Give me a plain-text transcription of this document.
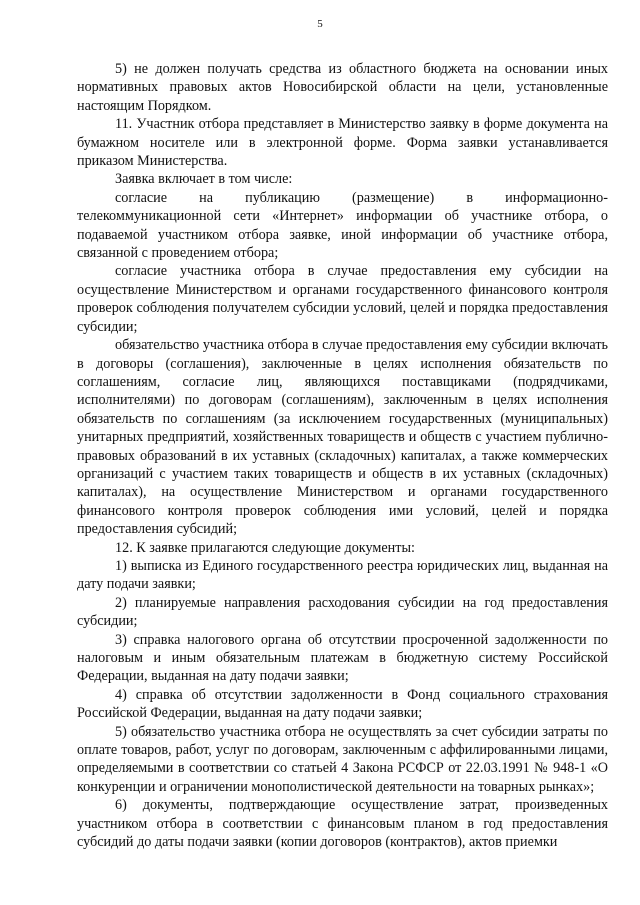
5

5) не должен получать средства из областного бюджета на основании иных нормативных правовых актов Новосибирской области на цели, установленные настоящим Порядком.

11. Участник отбора представляет в Министерство заявку в форме документа на бумажном носителе или в электронной форме. Форма заявки устанавливается приказом Министерства.

Заявка включает в том числе:

согласие на публикацию (размещение) в информационно-телекоммуникационной сети «Интернет» информации об участнике отбора, о подаваемой участником отбора заявке, иной информации об участнике отбора, связанной с проведением отбора;

согласие участника отбора в случае предоставления ему субсидии на осуществление Министерством и органами государственного финансового контроля проверок соблюдения получателем субсидии условий, целей и порядка предоставления субсидии;

обязательство участника отбора в случае предоставления ему субсидии включать в договоры (соглашения), заключенные в целях исполнения обязательств по соглашениям, согласие лиц, являющихся поставщиками (подрядчиками, исполнителями) по договорам (соглашениям), заключенным в целях исполнения обязательств по соглашениям (за исключением государственных (муниципальных) унитарных предприятий, хозяйственных товариществ и обществ с участием публично-правовых образований в их уставных (складочных) капиталах, а также коммерческих организаций с участием таких товариществ и обществ в их уставных (складочных) капиталах), на осуществление Министерством и органами государственного финансового контроля проверок соблюдения ими условий, целей и порядка предоставления субсидий;

12. К заявке прилагаются следующие документы:

1) выписка из Единого государственного реестра юридических лиц, выданная на дату подачи заявки;

2) планируемые направления расходования субсидии на год предоставления субсидии;

3) справка налогового органа об отсутствии просроченной задолженности по налоговым и иным обязательным платежам в бюджетную систему Российской Федерации, выданная на дату подачи заявки;

4) справка об отсутствии задолженности в Фонд социального страхования Российской Федерации, выданная на дату подачи заявки;

5) обязательство участника отбора не осуществлять за счет субсидии затраты по оплате товаров, работ, услуг по договорам, заключенным с аффилированными лицами, определяемыми в соответствии со статьей 4 Закона РСФСР от 22.03.1991 № 948-1 «О конкуренции и ограничении монополистической деятельности на товарных рынках»;

6) документы, подтверждающие осуществление затрат, произведенных участником отбора в соответствии с финансовым планом в год предоставления субсидий до даты подачи заявки (копии договоров (контрактов), актов приемки
